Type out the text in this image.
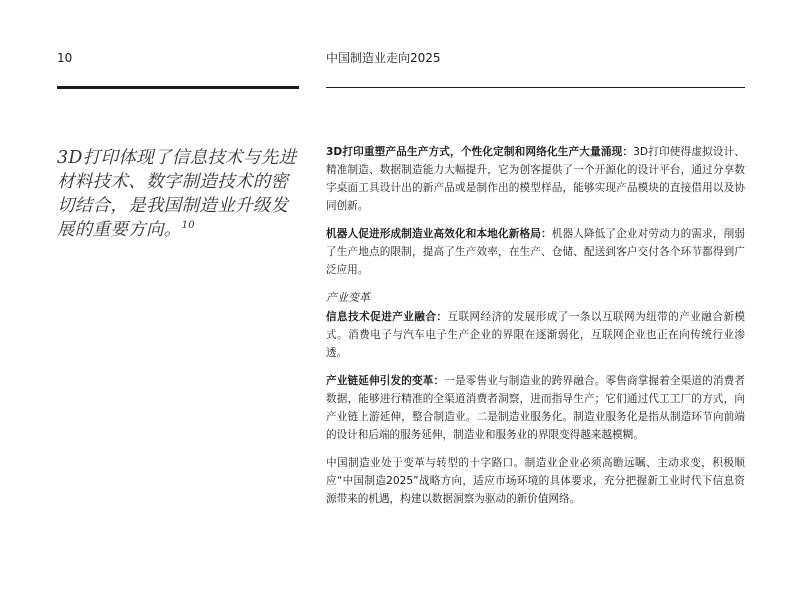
10	中国制造业走向2025
3D打印体现了信息技术与先进材料技术、数字制造技术的密切结合，是我国制造业升级发展的重要方向。$^{10}$

3D打印重塑产品生产方式，个性化定制和网络化生产大量涌现：3D打印使得虚拟设计、精准制造、数据制造能力大幅提升，它为创客提供了一个开源化的设计平台，通过分享数字桌面工具设计出的新产品或是制作出的模型样品，能够实现产品模块的直接借用以及协同创新。

机器人促进形成制造业高效化和本地化新格局：机器人降低了企业对劳动力的需求，削弱了生产地点的限制，提高了生产效率，在生产、仓储、配送到客户交付各个环节都得到广泛应用。

产业变革

信息技术促进产业融合：互联网经济的发展形成了一条以互联网为纽带的产业融合新模式。消费电子与汽车电子生产企业的界限在逐渐弱化，互联网企业也正在向传统行业渗透。

产业链延伸引发的变革：一是零售业与制造业的跨界融合。零售商掌握着全渠道的消费者数据，能够进行精准的全渠道消费者洞察，进而指导生产；它们通过代工工厂的方式，向产业链上游延伸，整合制造业。二是制造业服务化。制造业服务化是指从制造环节向前端的设计和后端的服务延伸，制造业和服务业的界限变得越来越模糊。

中国制造业处于变革与转型的十字路口。制造业企业必须高瞻远瞩、主动求变，积极顺应“中国制造2025”战略方向，适应市场环境的具体要求，充分把握新工业时代下信息资源带来的机遇，构建以数据洞察为驱动的新价值网络。
